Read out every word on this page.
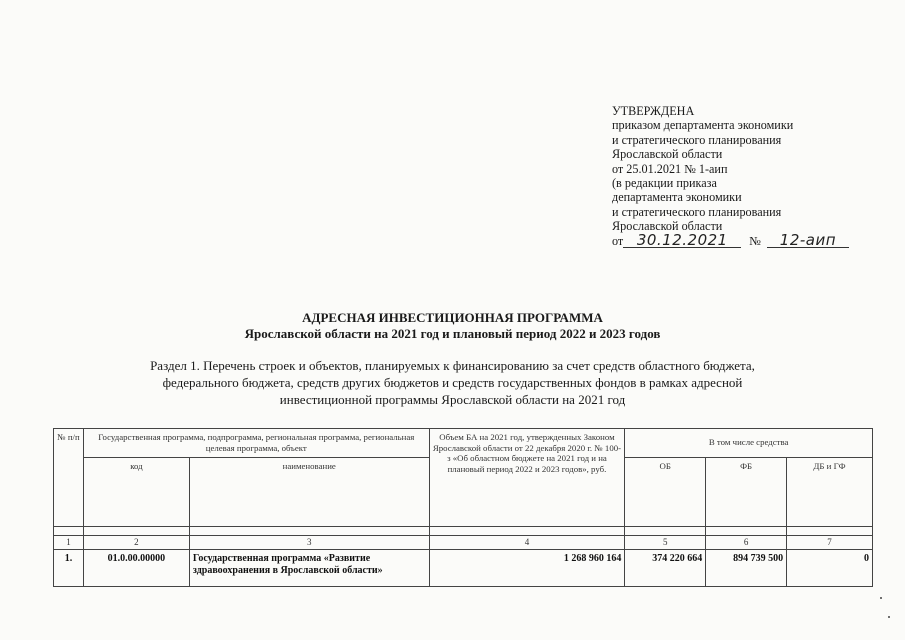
УТВЕРЖДЕНА
приказом департамента экономики
и стратегического планирования
Ярославской области
от 25.01.2021 № 1-аип
(в редакции приказа
департамента экономики
и стратегического планирования
Ярославской области
от 30.12.2021	№	12-аип
АДРЕСНАЯ ИНВЕСТИЦИОННАЯ ПРОГРАММА
Ярославской области на 2021 год и плановый период 2022 и 2023 годов
Раздел 1. Перечень строек и объектов, планируемых к финансированию за счет средств областного бюджета,
федерального бюджета, средств других бюджетов и средств государственных фондов в рамках адресной
инвестиционной программы Ярославской области на 2021 год
№ п/п	Государственная программа, подпрограмма, региональная программа, региональная целевая программа, объект		Объем БА на 2021 год, утвержденных Законом Ярославской области от 22 декабря 2020 г. № 100-з «Об областном бюджете на 2021 год и на плановый период 2022 и 2023 годов», руб.	В том числе средства		
	код	наименование		ОБ	ФБ	ДБ и ГФ

1	2	3	4	5	6	7
1.	01.0.00.00000	Государственная программа «Развитие здравоохранения в Ярославской области»	1 268 960 164	374 220 664	894 739 500	0
